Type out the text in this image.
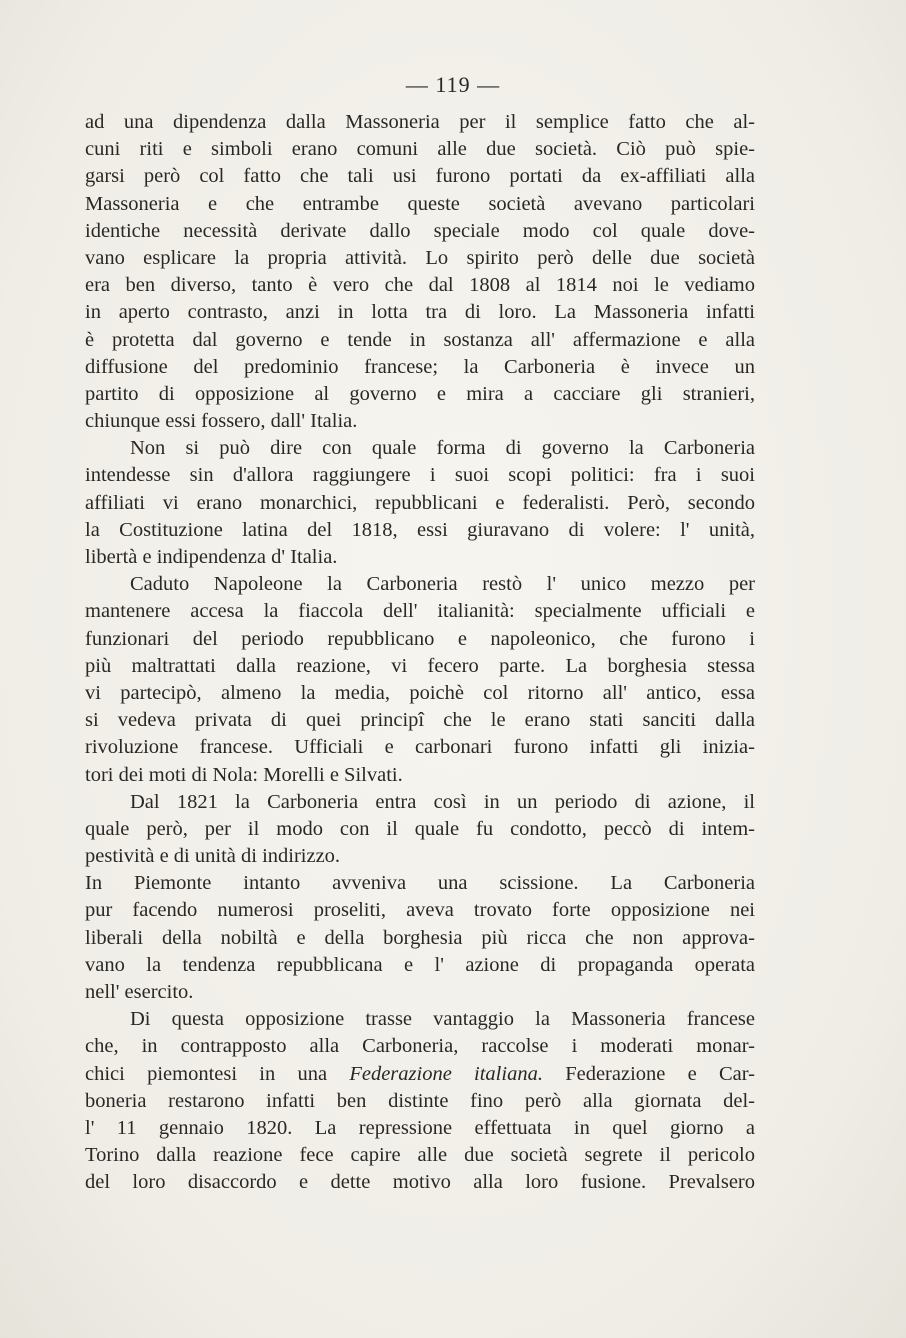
— 119 —
ad una dipendenza dalla Massoneria per il semplice fatto che al-
cuni riti e simboli erano comuni alle due società. Ciò può spie-
garsi però col fatto che tali usi furono portati da ex-affiliati alla
Massoneria e che entrambe queste società avevano particolari
identiche necessità derivate dallo speciale modo col quale dove-
vano esplicare la propria attività. Lo spirito però delle due società
era ben diverso, tanto è vero che dal 1808 al 1814 noi le vediamo
in aperto contrasto, anzi in lotta tra di loro. La Massoneria infatti
è protetta dal governo e tende in sostanza all' affermazione e alla
diffusione del predominio francese; la Carboneria è invece un
partito di opposizione al governo e mira a cacciare gli stranieri,
chiunque essi fossero, dall' Italia.
Non si può dire con quale forma di governo la Carboneria
intendesse sin d'allora raggiungere i suoi scopi politici: fra i suoi
affiliati vi erano monarchici, repubblicani e federalisti. Però, secondo
la Costituzione latina del 1818, essi giuravano di volere: l' unità,
libertà e indipendenza d' Italia.
Caduto Napoleone la Carboneria restò l' unico mezzo per
mantenere accesa la fiaccola dell' italianità: specialmente ufficiali e
funzionari del periodo repubblicano e napoleonico, che furono i
più maltrattati dalla reazione, vi fecero parte. La borghesia stessa
vi partecipò, almeno la media, poichè col ritorno all' antico, essa
si vedeva privata di quei principî che le erano stati sanciti dalla
rivoluzione francese. Ufficiali e carbonari furono infatti gli inizia-
tori dei moti di Nola: Morelli e Silvati.
Dal 1821 la Carboneria entra così in un periodo di azione, il
quale però, per il modo con il quale fu condotto, peccò di intem-
pestività e di unità di indirizzo.
In Piemonte intanto avveniva una scissione. La Carboneria
pur facendo numerosi proseliti, aveva trovato forte opposizione nei
liberali della nobiltà e della borghesia più ricca che non approva-
vano la tendenza repubblicana e l' azione di propaganda operata
nell' esercito.
Di questa opposizione trasse vantaggio la Massoneria francese
che, in contrapposto alla Carboneria, raccolse i moderati monar-
chici piemontesi in una Federazione italiana. Federazione e Car-
boneria restarono infatti ben distinte fino però alla giornata del-
l' 11 gennaio 1820. La repressione effettuata in quel giorno a
Torino dalla reazione fece capire alle due società segrete il pericolo
del loro disaccordo e dette motivo alla loro fusione. Prevalsero
